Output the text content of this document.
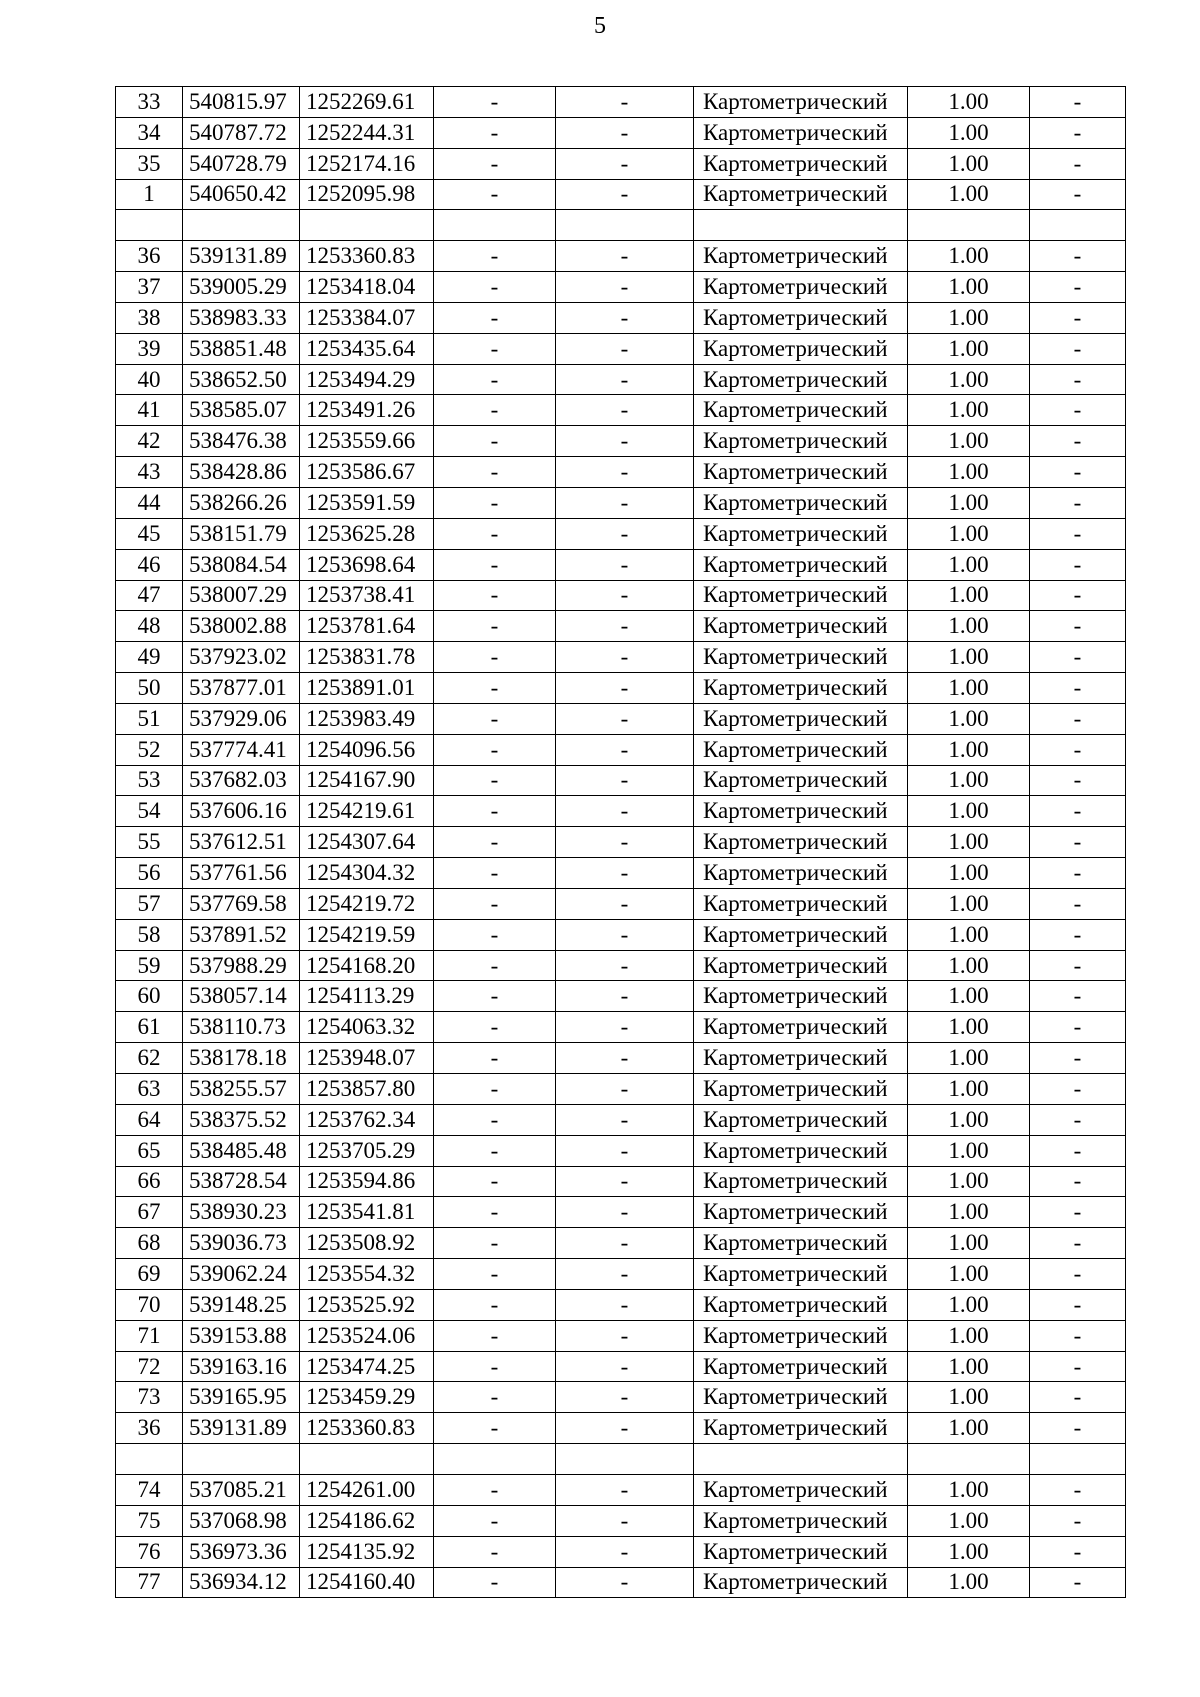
5
33	540815.97	1252269.61	-	-	Картометрический	1.00	-
34	540787.72	1252244.31	-	-	Картометрический	1.00	-
35	540728.79	1252174.16	-	-	Картометрический	1.00	-
1	540650.42	1252095.98	-	-	Картометрический	1.00	-

36	539131.89	1253360.83	-	-	Картометрический	1.00	-
37	539005.29	1253418.04	-	-	Картометрический	1.00	-
38	538983.33	1253384.07	-	-	Картометрический	1.00	-
39	538851.48	1253435.64	-	-	Картометрический	1.00	-
40	538652.50	1253494.29	-	-	Картометрический	1.00	-
41	538585.07	1253491.26	-	-	Картометрический	1.00	-
42	538476.38	1253559.66	-	-	Картометрический	1.00	-
43	538428.86	1253586.67	-	-	Картометрический	1.00	-
44	538266.26	1253591.59	-	-	Картометрический	1.00	-
45	538151.79	1253625.28	-	-	Картометрический	1.00	-
46	538084.54	1253698.64	-	-	Картометрический	1.00	-
47	538007.29	1253738.41	-	-	Картометрический	1.00	-
48	538002.88	1253781.64	-	-	Картометрический	1.00	-
49	537923.02	1253831.78	-	-	Картометрический	1.00	-
50	537877.01	1253891.01	-	-	Картометрический	1.00	-
51	537929.06	1253983.49	-	-	Картометрический	1.00	-
52	537774.41	1254096.56	-	-	Картометрический	1.00	-
53	537682.03	1254167.90	-	-	Картометрический	1.00	-
54	537606.16	1254219.61	-	-	Картометрический	1.00	-
55	537612.51	1254307.64	-	-	Картометрический	1.00	-
56	537761.56	1254304.32	-	-	Картометрический	1.00	-
57	537769.58	1254219.72	-	-	Картометрический	1.00	-
58	537891.52	1254219.59	-	-	Картометрический	1.00	-
59	537988.29	1254168.20	-	-	Картометрический	1.00	-
60	538057.14	1254113.29	-	-	Картометрический	1.00	-
61	538110.73	1254063.32	-	-	Картометрический	1.00	-
62	538178.18	1253948.07	-	-	Картометрический	1.00	-
63	538255.57	1253857.80	-	-	Картометрический	1.00	-
64	538375.52	1253762.34	-	-	Картометрический	1.00	-
65	538485.48	1253705.29	-	-	Картометрический	1.00	-
66	538728.54	1253594.86	-	-	Картометрический	1.00	-
67	538930.23	1253541.81	-	-	Картометрический	1.00	-
68	539036.73	1253508.92	-	-	Картометрический	1.00	-
69	539062.24	1253554.32	-	-	Картометрический	1.00	-
70	539148.25	1253525.92	-	-	Картометрический	1.00	-
71	539153.88	1253524.06	-	-	Картометрический	1.00	-
72	539163.16	1253474.25	-	-	Картометрический	1.00	-
73	539165.95	1253459.29	-	-	Картометрический	1.00	-
36	539131.89	1253360.83	-	-	Картометрический	1.00	-

74	537085.21	1254261.00	-	-	Картометрический	1.00	-
75	537068.98	1254186.62	-	-	Картометрический	1.00	-
76	536973.36	1254135.92	-	-	Картометрический	1.00	-
77	536934.12	1254160.40	-	-	Картометрический	1.00	-
